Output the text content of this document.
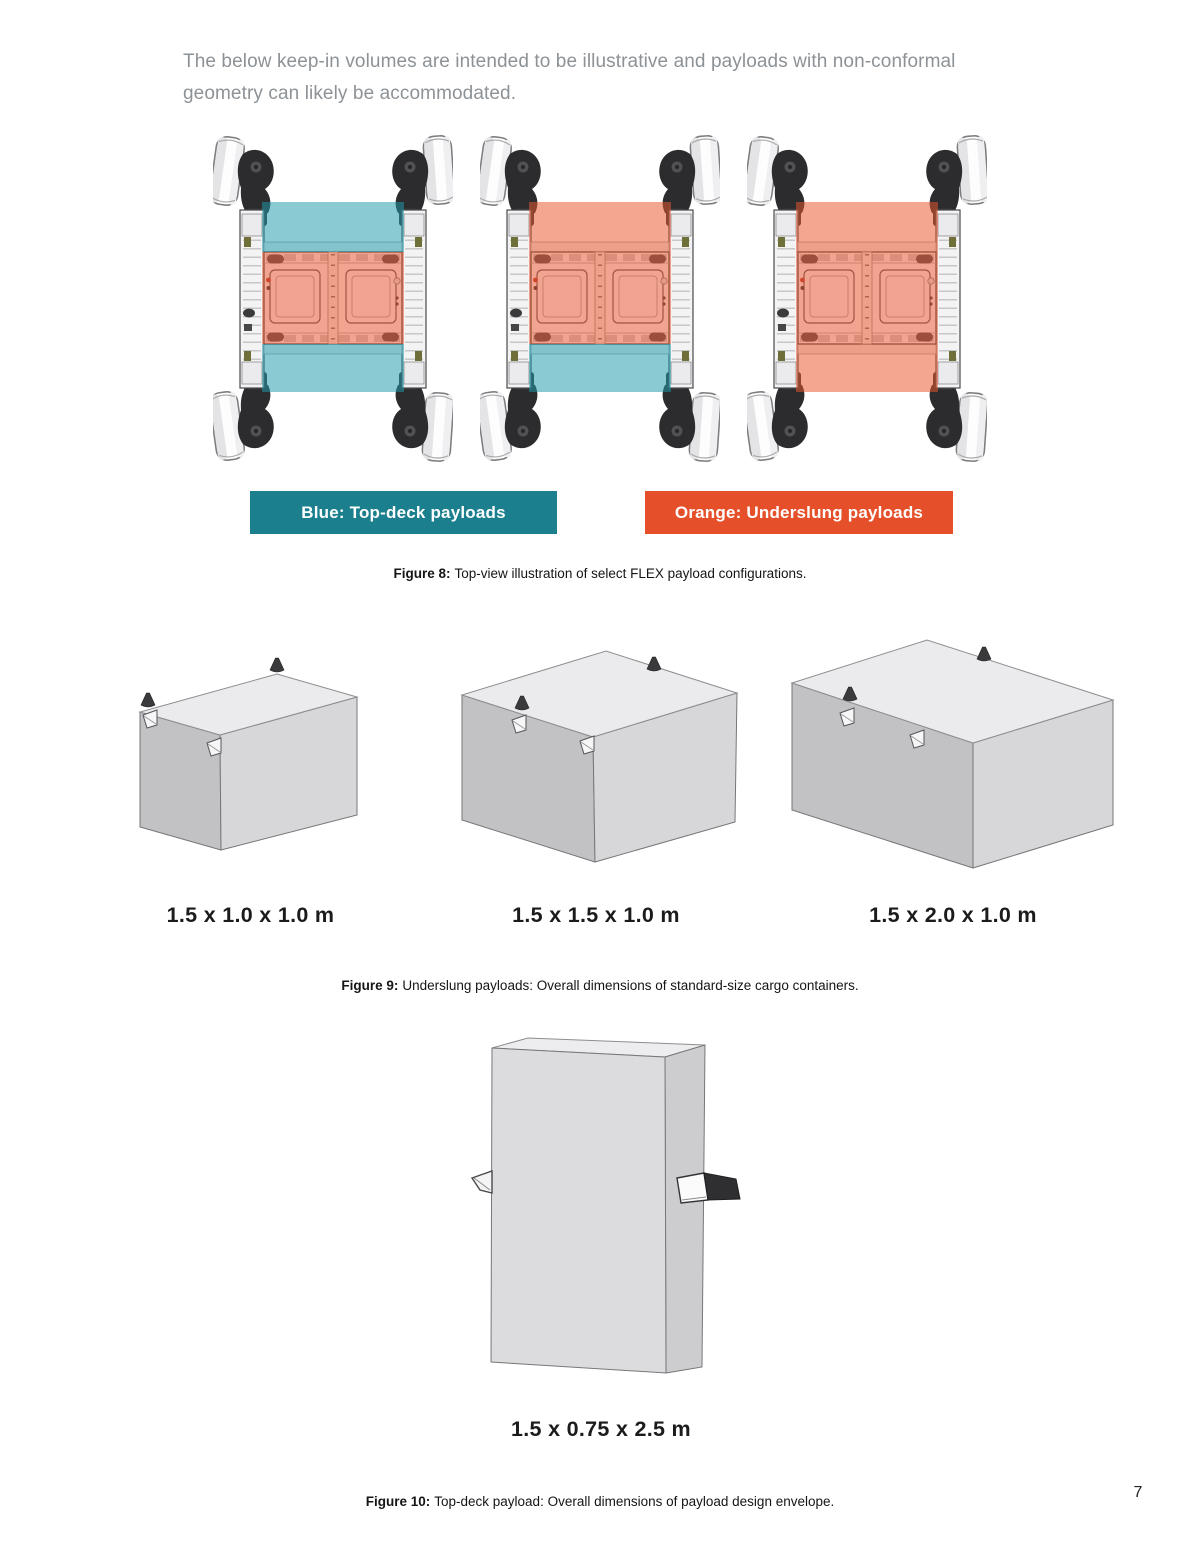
The below keep-in volumes are intended to be illustrative and payloads with non-conformal geometry can likely be accommodated.

Blue: Top-deck payloads	Orange: Underslung payloads
Figure 8: Top-view illustration of select FLEX payload configurations.
1.5 x 1.0 x 1.0 m	1.5 x 1.5 x 1.0 m	1.5 x 2.0 x 1.0 m
Figure 9: Underslung payloads: Overall dimensions of standard-size cargo containers.
1.5 x 0.75 x 2.5 m
Figure 10: Top-deck payload: Overall dimensions of payload design envelope.
7
